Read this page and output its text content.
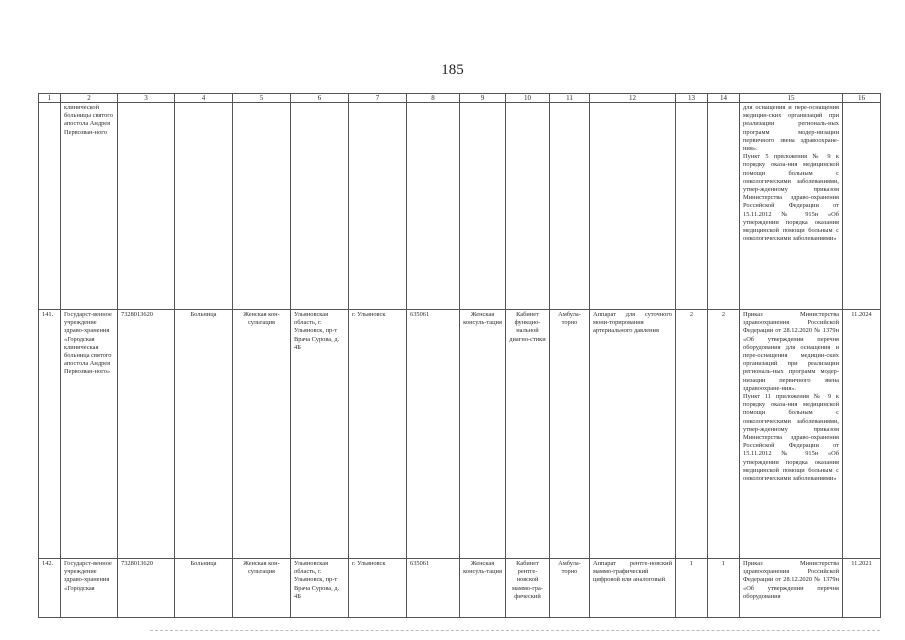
185
1	2	3	4	5	6	7	8	9	10	11	12	13	14	15	16
	клинической больницы святого апостола Андрея Первозван-ного													для оснащения и пере-оснащения медицин-ских организаций при реализации региональ-ных программ модер-низации первичного звена здравоохране-ния».
Пункт 5 приложения № 9 к порядку оказа-ния медицинской помощи больным с онкологическими заболеваниями, утвер-жденному приказом Министерства здраво-охранения Российской Федерации от 15.11.2012 № 915н «Об утверждении порядка оказания медицинской помощи больным с онкологическими заболеваниями»	
141.	Государст-венное учреждение здраво-хранения «Городская клиническая больница святого апостола Андрея Первозван-ного»	7328013620	Больница	Женская кон-сультация	Ульяновская область, г. Ульяновск, пр-т Врача Сурова, д. 4Б	г. Ульяновск	635061	Женская консуль-тация	Кабинет функцио-нальной диагно-стики	Амбула-торно	Аппарат для суточного мони-торирования артериального давления	2	2	Приказ Министерства здравоохранения Российской Федерации от 28.12.2020 № 1379н «Об утверждении перечня оборудования для оснащения и пере-оснащения медицин-ских организаций при реализации региональ-ных программ модер-низации первичного звена здравоохране-ния».
Пункт 11 приложения № 9 к порядку оказа-ния медицинской помощи больным с онкологическими заболеваниями, утвер-жденному приказом Министерства здраво-охранения Российской Федерации от 15.11.2012 № 915н «Об утверждении порядка оказания медицинской помощи больным с онкологическими заболеваниями»	11.2024
142.	Государст-венное учреждение здраво-хранения «Городская	7328013620	Больница	Женская кон-сультация	Ульяновская область, г. Ульяновск, пр-т Врача Сурова, д. 4Б	г. Ульяновск	635061	Женская консуль-тация	Кабинет рентге-новской маммо-гра-фический	Амбула-торно	Аппарат рентге-новский маммо-графический цифровой или аналоговый	1	1	Приказ Министерства здравоохранения Российской Федерации от 28.12.2020 № 1379н «Об утверждении перечня оборудования	11.2021
